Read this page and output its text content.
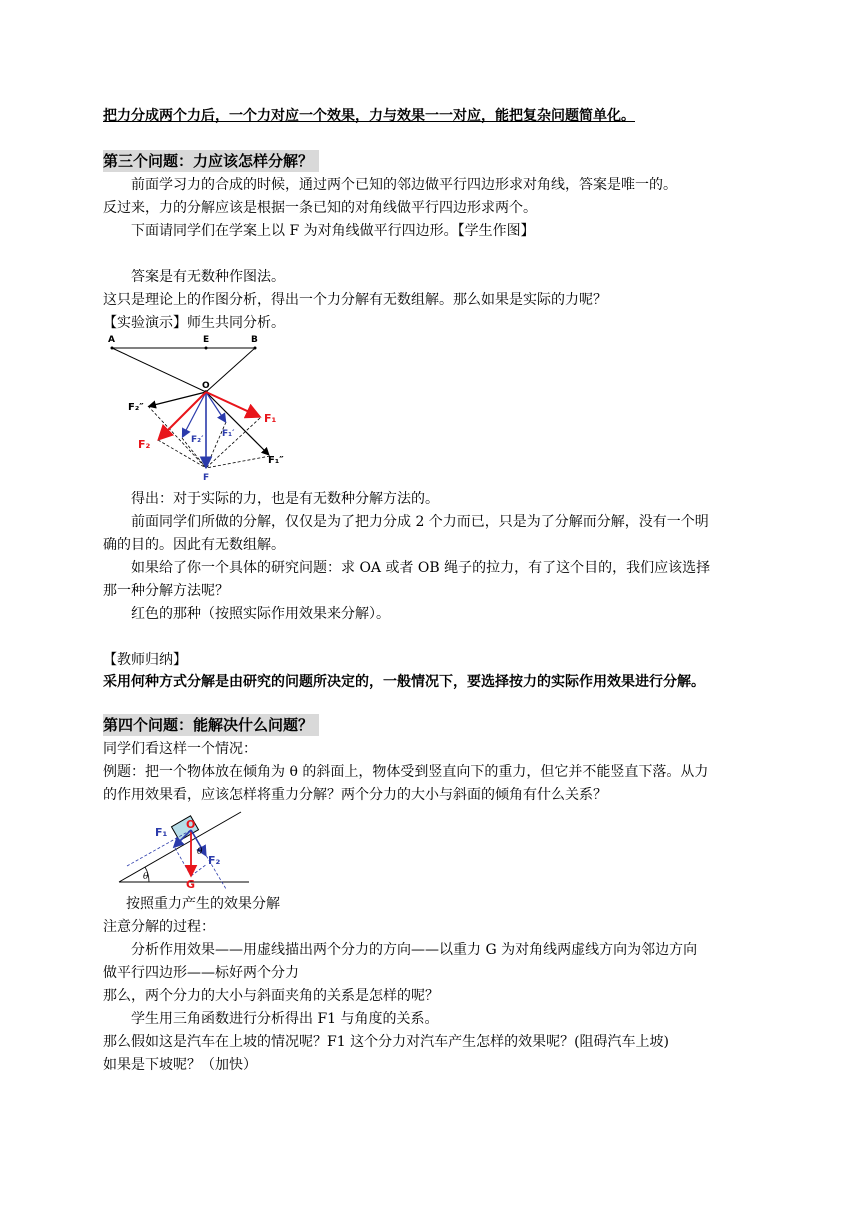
把力分成两个力后，一个力对应一个效果，力与效果一一对应，能把复杂问题简单化。
第三个问题：力应该怎样分解？
前面学习力的合成的时候，通过两个已知的邻边做平行四边形求对角线，答案是唯一的。
反过来，力的分解应该是根据一条已知的对角线做平行四边形求两个。
下面请同学们在学案上以 F 为对角线做平行四边形。【学生作图】
答案是有无数种作图法。
这只是理论上的作图分析，得出一个力分解有无数组解。那么如果是实际的力呢？
【实验演示】师生共同分析。
A	E	B
O
F₂″
F₁
F₂	F₂′
F₁′
F
F₁″
得出：对于实际的力，也是有无数种分解方法的。
前面同学们所做的分解，仅仅是为了把力分成 2 个力而已，只是为了分解而分解，没有一个明
确的目的。因此有无数组解。
如果给了你一个具体的研究问题：求 OA 或者 OB 绳子的拉力，有了这个目的，我们应该选择
那一种分解方法呢？
红色的那种（按照实际作用效果来分解）。
【教师归纳】
采用何种方式分解是由研究的问题所决定的，一般情况下，要选择按力的实际作用效果进行分解。
第四个问题：能解决什么问题？
同学们看这样一个情况：
例题：把一个物体放在倾角为 θ 的斜面上，物体受到竖直向下的重力，但它并不能竖直下落。从力
的作用效果看，应该怎样将重力分解？两个分力的大小与斜面的倾角有什么关系？
F₁
F₂
O
θ
θ
G
按照重力产生的效果分解
注意分解的过程：
分析作用效果——用虚线描出两个分力的方向——以重力 G 为对角线两虚线方向为邻边方向
做平行四边形——标好两个分力
那么，两个分力的大小与斜面夹角的关系是怎样的呢？
学生用三角函数进行分析得出 F1 与角度的关系。
那么假如这是汽车在上坡的情况呢？F1 这个分力对汽车产生怎样的效果呢？(阻碍汽车上坡)
如果是下坡呢？（加快）
